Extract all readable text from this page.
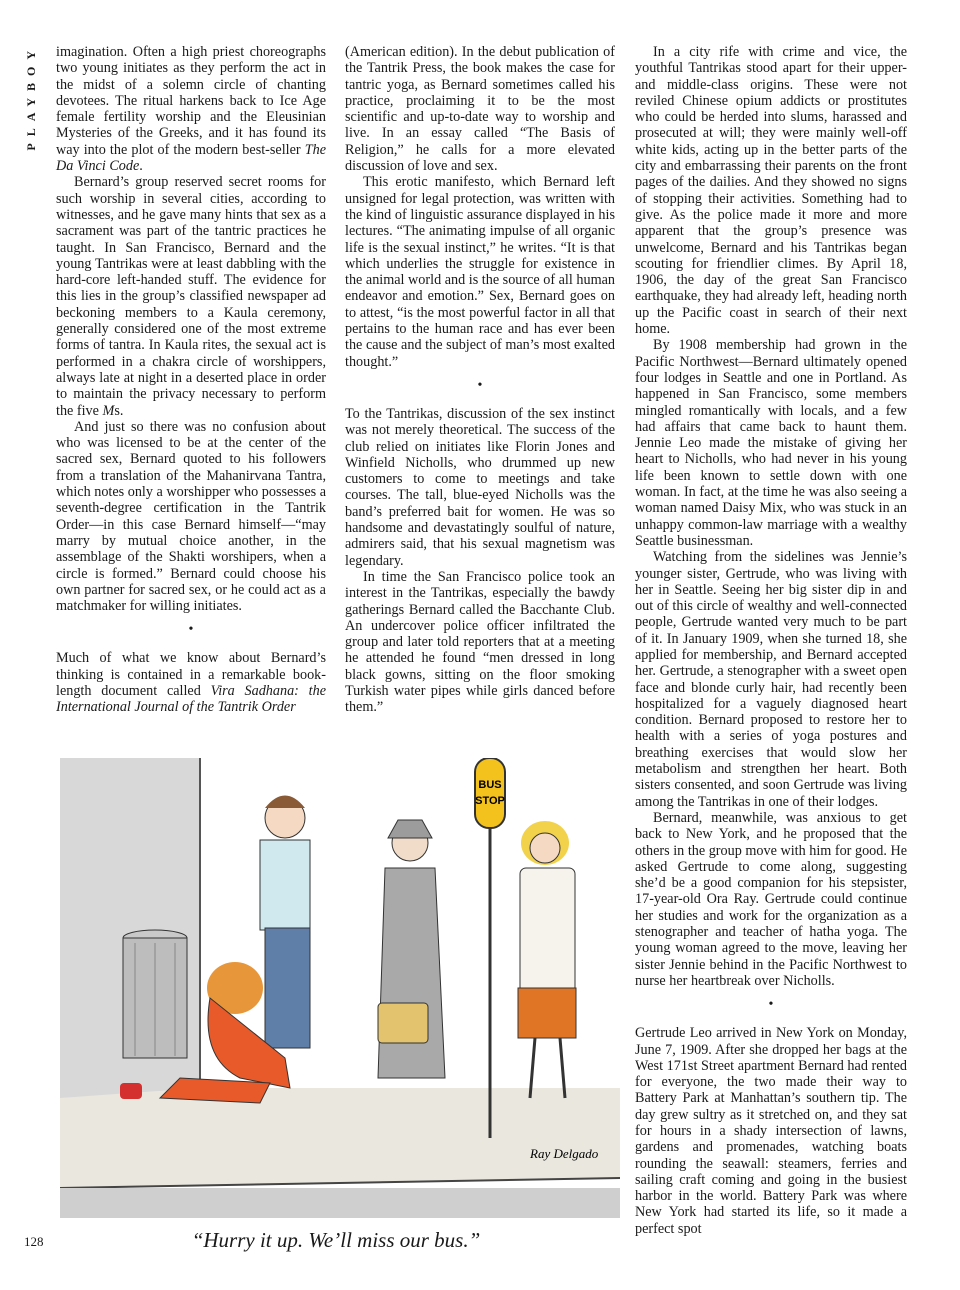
PLAYBOY imagination. Often a high priest choreographs two young initiates as they perform the act in the midst of a solemn circle of chanting devotees. The ritual harkens back to Ice Age female fertility worship and the Eleusinian Mysteries of the Greeks, and it has found its way into the plot of the modern best-seller The Da Vinci Code.

Bernard’s group reserved secret rooms for such worship in several cities, according to witnesses, and he gave many hints that sex as a sacrament was part of the tantric practices he taught. In San Francisco, Bernard and the young Tantrikas were at least dabbling with the hard-core left-handed stuff. The evidence for this lies in the group’s classified newspaper ad beckoning members to a Kaula ceremony, generally considered one of the most extreme forms of tantra. In Kaula rites, the sexual act is performed in a chakra circle of worshippers, always late at night in a deserted place in order to maintain the privacy necessary to perform the five Ms.

And just so there was no confusion about who was licensed to be at the center of the sacred sex, Bernard quoted to his followers from a translation of the Mahanirvana Tantra, which notes only a worshipper who possesses a seventh-degree certification in the Tantrik Order—in this case Bernard himself—“may marry by mutual choice another, in the assemblage of the Shakti worshipers, when a circle is formed.” Bernard could choose his own partner for sacred sex, or he could act as a matchmaker for willing initiates.

•

Much of what we know about Bernard’s thinking is contained in a remarkable book-length document called Vira Sadhana: the International Journal of the Tantrik Order

(American edition). In the debut publication of the Tantrik Press, the book makes the case for tantric yoga, as Bernard sometimes called his practice, proclaiming it to be the most scientific and up-to-date way to worship and live. In an essay called “The Basis of Religion,” he calls for a more elevated discussion of love and sex.

This erotic manifesto, which Bernard left unsigned for legal protection, was written with the kind of linguistic assurance displayed in his lectures. “The animating impulse of all organic life is the sexual instinct,” he writes. “It is that which underlies the struggle for existence in the animal world and is the source of all human endeavor and emotion.” Sex, Bernard goes on to attest, “is the most powerful factor in all that pertains to the human race and has ever been the cause and the subject of man’s most exalted thought.”

•

To the Tantrikas, discussion of the sex instinct was not merely theoretical. The success of the club relied on initiates like Florin Jones and Winfield Nicholls, who drummed up new customers to come to meetings and take courses. The tall, blue-eyed Nicholls was the band’s preferred bait for women. He was so handsome and devastatingly soulful of nature, admirers said, that his sexual magnetism was legendary.

In time the San Francisco police took an interest in the Tantrikas, especially the bawdy gatherings Bernard called the Bacchante Club. An undercover police officer infiltrated the group and later told reporters that at a meeting he attended he found “men dressed in long black gowns, sitting on the floor smoking Turkish water pipes while girls danced before them.”

In a city rife with crime and vice, the youthful Tantrikas stood apart for their upper- and middle-class origins. These were not reviled Chinese opium addicts or prostitutes who could be herded into slums, harassed and prosecuted at will; they were mainly well-off white kids, acting up in the better parts of the city and embarrassing their parents on the front pages of the dailies. And they showed no signs of stopping their activities. Something had to give. As the police made it more and more apparent that the group’s presence was unwelcome, Bernard and his Tantrikas began scouting for friendlier climes. By April 18, 1906, the day of the great San Francisco earthquake, they had already left, heading north up the Pacific coast in search of their next home.

By 1908 membership had grown in the Pacific Northwest—Bernard ultimately opened four lodges in Seattle and one in Portland. As happened in San Francisco, some members mingled romantically with locals, and a few had affairs that came back to haunt them. Jennie Leo made the mistake of giving her heart to Nicholls, who had never in his young life been known to settle down with one woman. In fact, at the time he was also seeing a woman named Daisy Mix, who was stuck in an unhappy common-law marriage with a wealthy Seattle businessman.

Watching from the sidelines was Jennie’s younger sister, Gertrude, who was living with her in Seattle. Seeing her big sister dip in and out of this circle of wealthy and well-connected people, Gertrude wanted very much to be part of it. In January 1909, when she turned 18, she applied for membership, and Bernard accepted her. Gertrude, a stenographer with a sweet open face and blonde curly hair, had recently been hospitalized for a vaguely diagnosed heart condition. Bernard proposed to restore her to health with a series of yoga postures and breathing exercises that would slow her metabolism and strengthen her heart. Both sisters consented, and soon Gertrude was living among the Tantrikas in one of their lodges.

Bernard, meanwhile, was anxious to get back to New York, and he proposed that the others in the group move with him for good. He asked Gertrude to come along, suggesting she’d be a good companion for his stepsister, 17-year-old Ora Ray. Gertrude could continue her studies and work for the organization as a stenographer and teacher of hatha yoga. The young woman agreed to the move, leaving her sister Jennie behind in the Pacific Northwest to nurse her heartbreak over Nicholls.

•

Gertrude Leo arrived in New York on Monday, June 7, 1909. After she dropped her bags at the West 171st Street apartment Bernard had rented for everyone, the two made their way to Battery Park at Manhattan’s southern tip. The day grew sultry as it stretched on, and they sat for hours in a shady intersection of lawns, gardens and promenades, watching boats rounding the seawall: steamers, ferries and sailing craft coming and going in the busiest harbor in the world. Battery Park was where New York had started its life, so it made a perfect spot

BUS
STOP
Ray Delgado
“Hurry it up. We’ll miss our bus.”
128
